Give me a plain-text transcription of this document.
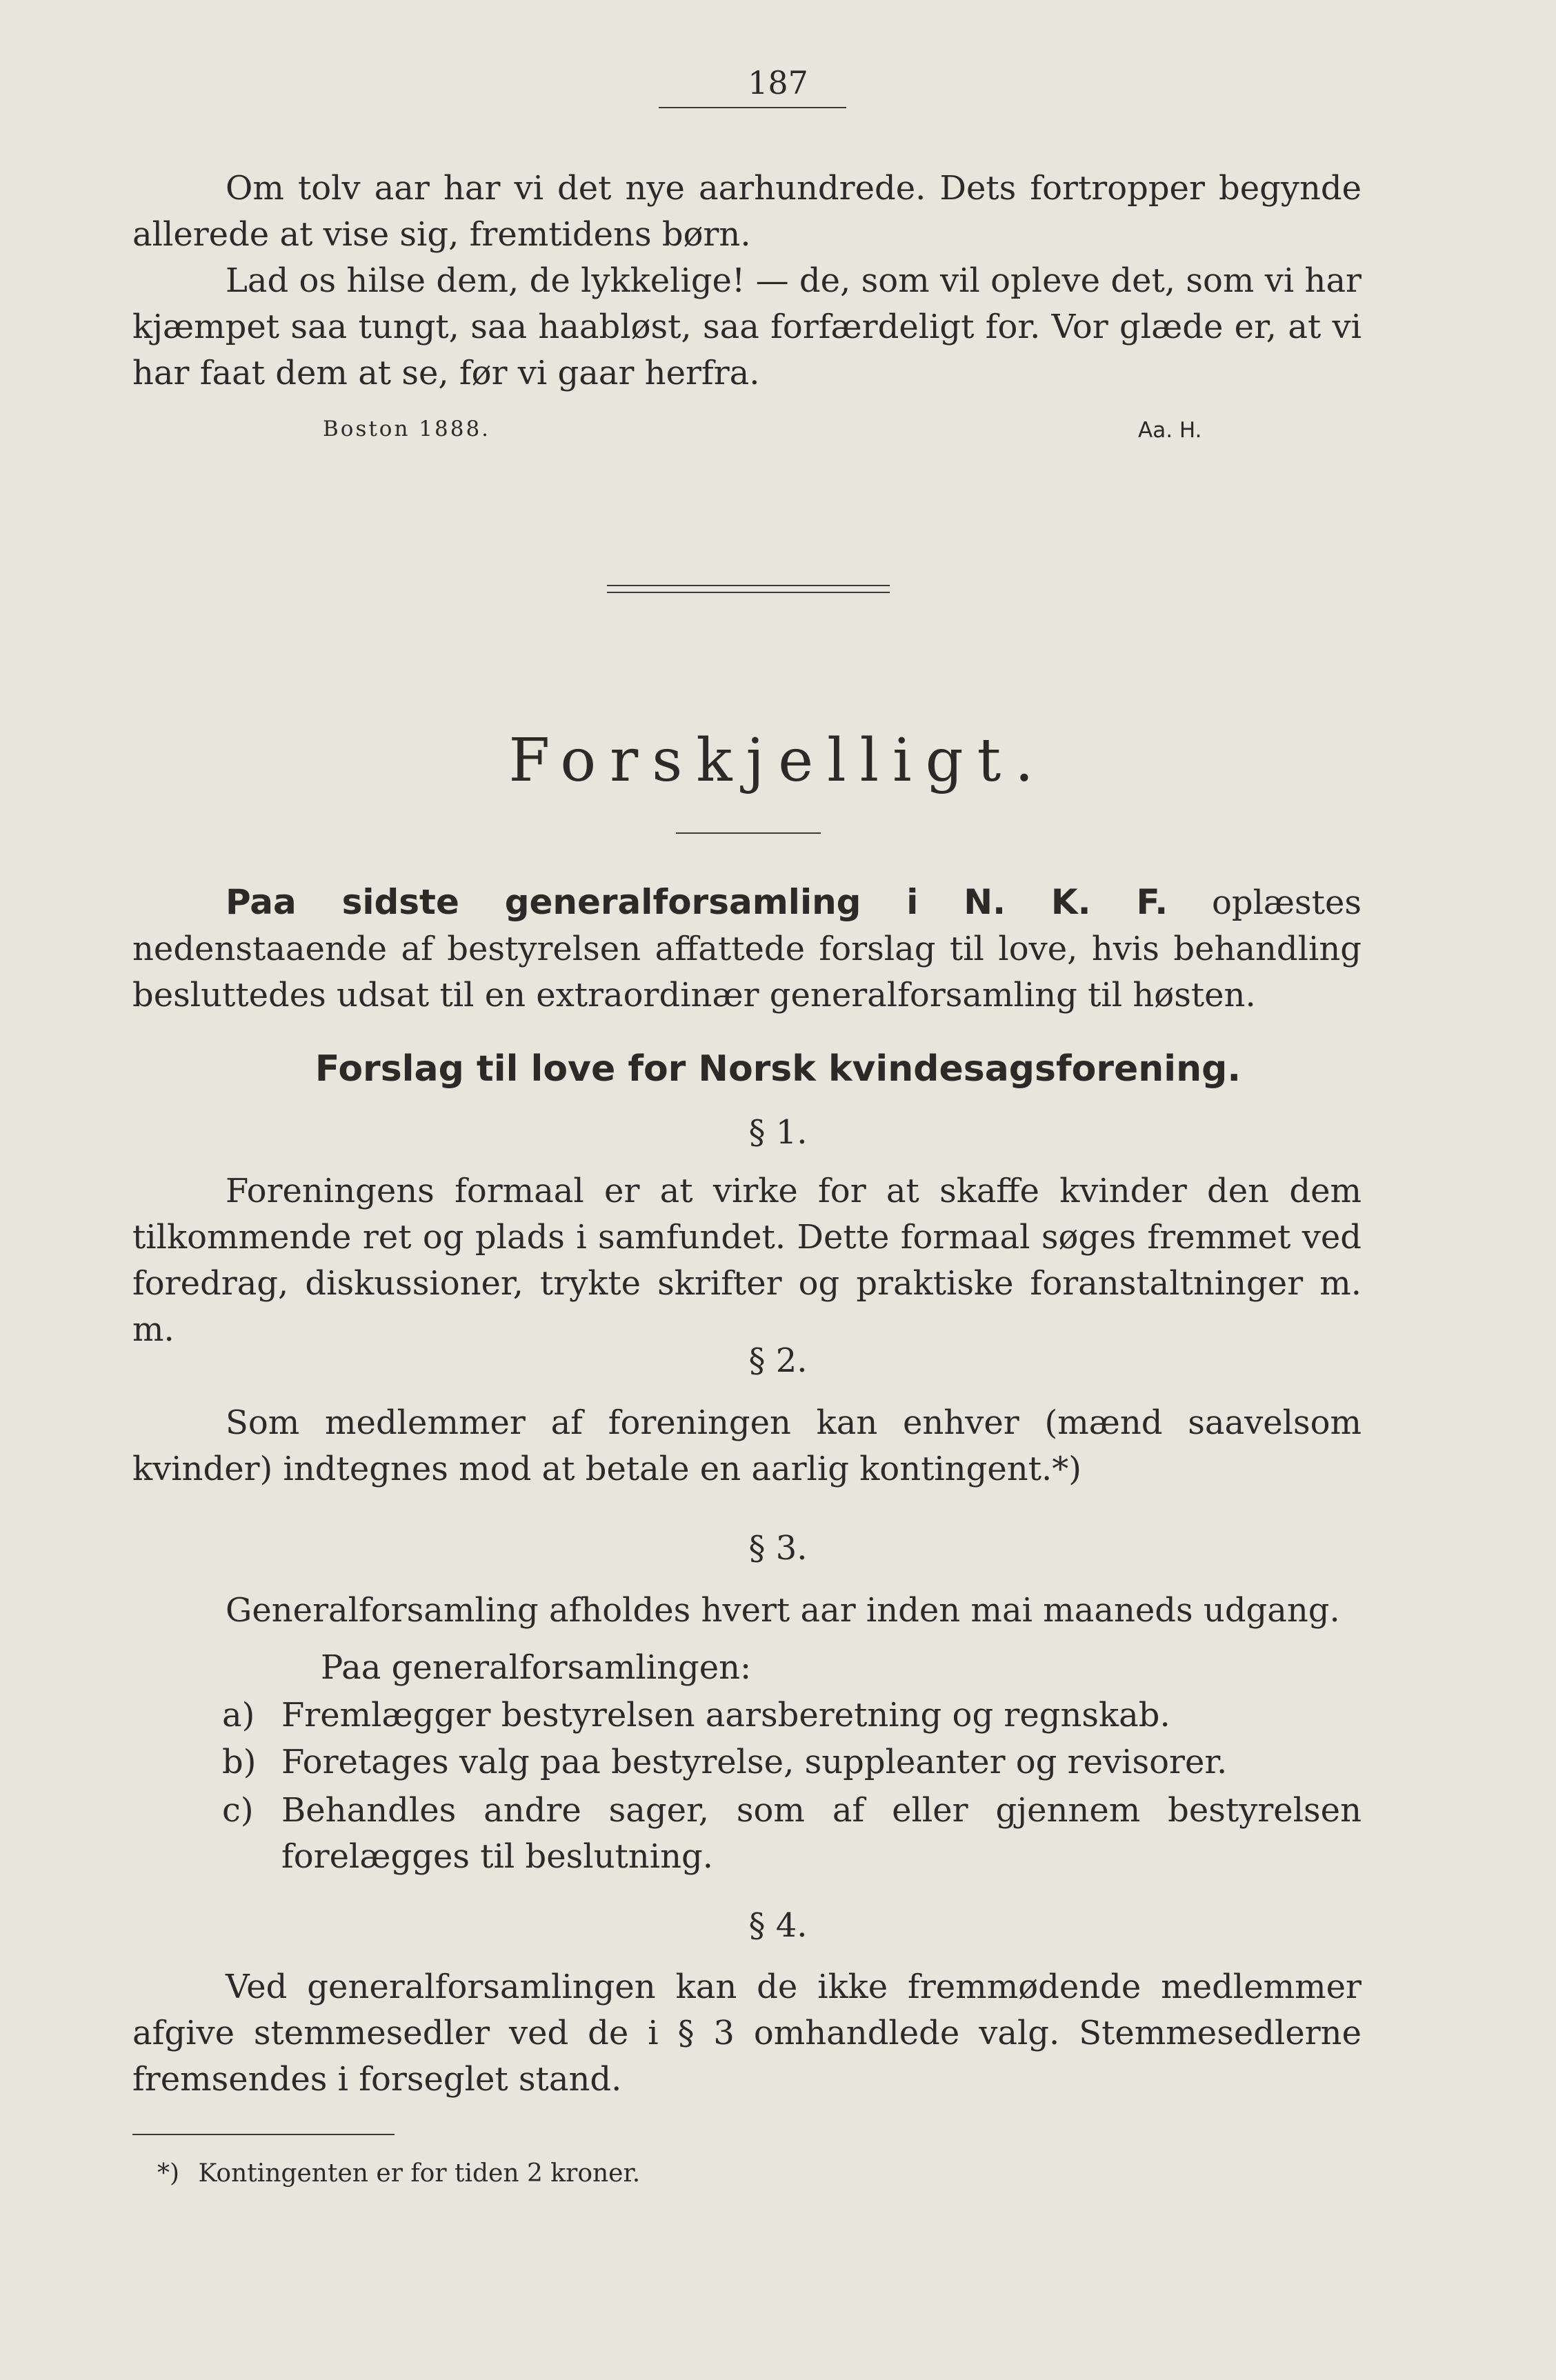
187
Om tolv aar har vi det nye aarhundrede. Dets fortropper begynde allerede at vise sig, fremtidens børn.
Lad os hilse dem, de lykkelige! — de, som vil opleve det, som vi har kjæmpet saa tungt, saa haabløst, saa forfærdeligt for. Vor glæde er, at vi har faat dem at se, før vi gaar herfra.
Boston 1888.	Aa. H.
Forskjelligt.
Paa sidste generalforsamling i N. K. F. oplæstes nedenstaaende af bestyrelsen affattede forslag til love, hvis behandling besluttedes udsat til en extraordinær generalforsamling til høsten.
Forslag til love for Norsk kvindesagsforening.
§ 1.
Foreningens formaal er at virke for at skaffe kvinder den dem tilkommende ret og plads i samfundet. Dette formaal søges fremmet ved foredrag, diskussioner, trykte skrifter og praktiske foranstaltninger m. m.
§ 2.
Som medlemmer af foreningen kan enhver (mænd saavelsom kvinder) indtegnes mod at betale en aarlig kontingent.*)
§ 3.
Generalforsamling afholdes hvert aar inden mai maaneds udgang.
Paa generalforsamlingen:
a) Fremlægger bestyrelsen aarsberetning og regnskab.
b) Foretages valg paa bestyrelse, suppleanter og revisorer.
c) Behandles andre sager, som af eller gjennem bestyrelsen forelægges til beslutning.
§ 4.
Ved generalforsamlingen kan de ikke fremmødende medlemmer afgive stemmesedler ved de i § 3 omhandlede valg. Stemmesedlerne fremsendes i forseglet stand.
*) Kontingenten er for tiden 2 kroner.
